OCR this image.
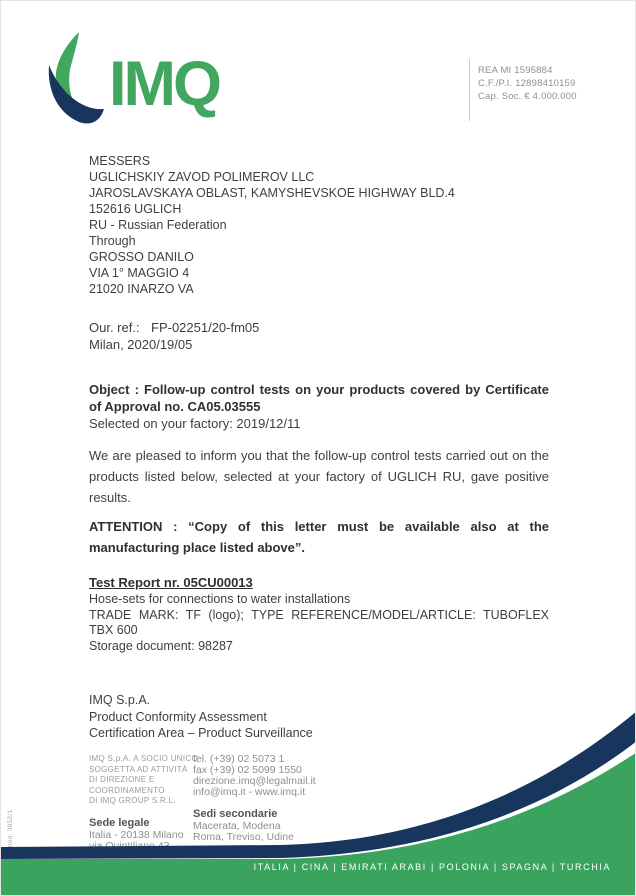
IMQ	REA MI 1595884
C.F./P.I. 12898410159
Cap. Soc. € 4.000.000
MESSERS
UGLICHSKIY ZAVOD POLIMEROV LLC
JAROSLAVSKAYA OBLAST, KAMYSHEVSKOE HIGHWAY BLD.4
152616 UGLICH
RU - Russian Federation
Through
GROSSO DANILO
VIA 1° MAGGIO 4
21020 INARZO VA
Our. ref.: FP-02251/20-fm05
Milan, 2020/19/05

Object : Follow-up control tests on your products covered by Certificate of Approval no. CA05.03555

Selected on your factory: 2019/12/11

We are pleased to inform you that the follow-up control tests carried out on the products listed below, selected at your factory of UGLICH RU, gave positive results.

ATTENTION : “Copy of this letter must be available also at the manufacturing place listed above”.

Test Report nr. 05CU00013

Hose-sets for connections to water installations
TRADE MARK: TF (logo); TYPE REFERENCE/MODEL/ARTICLE: TUBOFLEX TBX 600
Storage document: 98287
IMQ S.p.A.
Product Conformity Assessment
Certification Area – Product Surveillance
IMQ S.p.A. A SOCIO UNICO
SOGGETTA AD ATTIVITÀ
DI DIREZIONE E COORDINAMENTO
DI IMQ GROUP S.R.L.
Sede legale
Italia - 20138 Milano
via Quintiliano 43
tel. (+39) 02 5073 1
fax (+39) 02 5099 1550
direzione.imq@legalmail.it
info@imq.it - www.imq.it
Sedi secondarie
Macerata, Modena
Roma, Treviso, Udine
mod. 3852/1
ITALIA | CINA | EMIRATI ARABI | POLONIA | SPAGNA | TURCHIA
